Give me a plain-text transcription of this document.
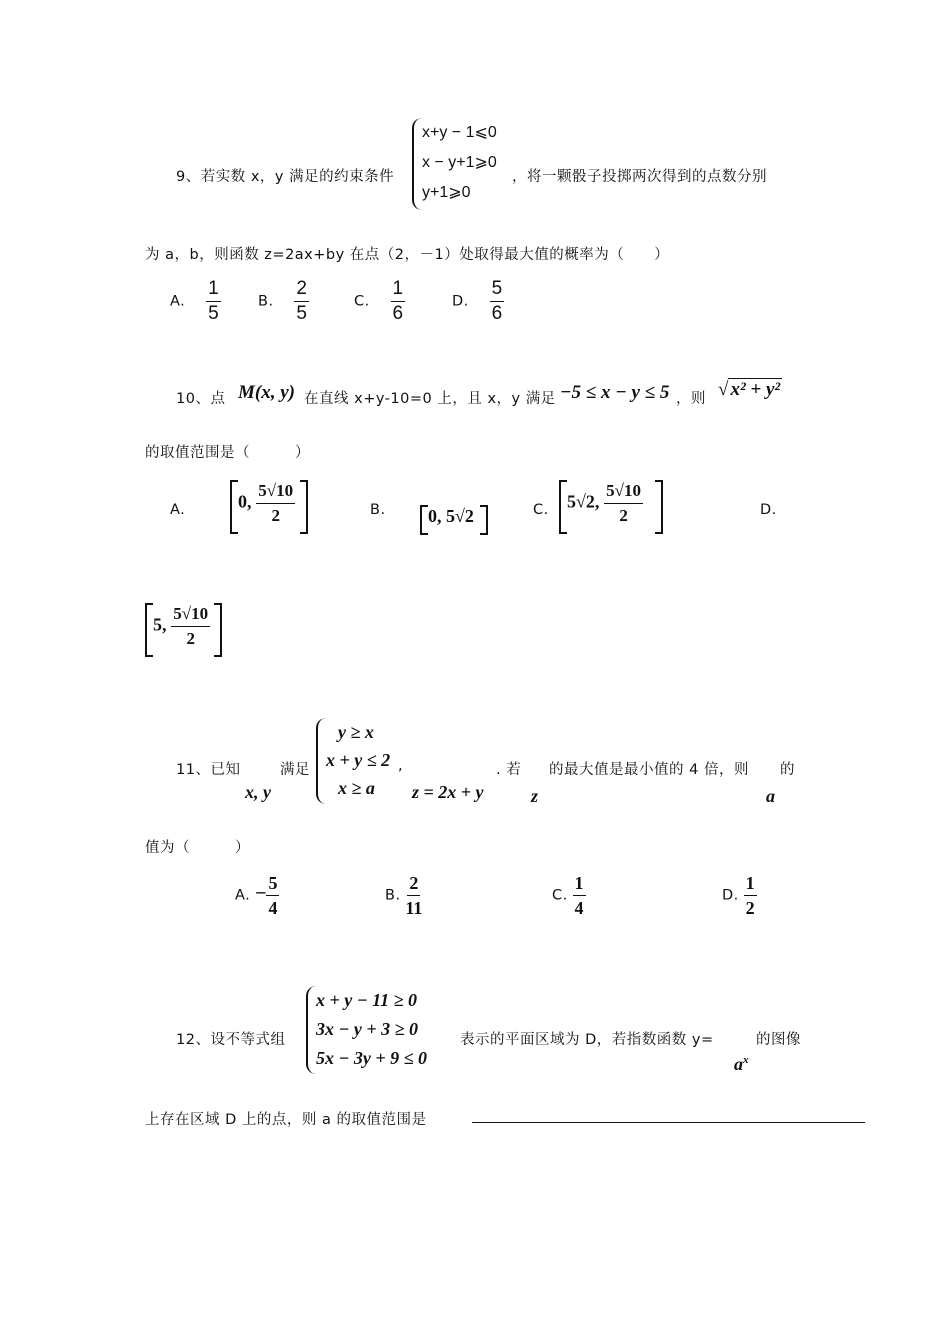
9、若实数 x，y 满足的约束条件
x+y − 1⩽0
x − y+1⩾0
y+1⩾0
，将一颗骰子投掷两次得到的点数分别
为 a，b，则函数 z=2ax+by 在点（2，－1）处取得最大值的概率为（　　）
A. $\frac{1}{5}$	B. $\frac{2}{5}$	C. $\frac{1}{6}$	D. $\frac{5}{6}$
10、点 M(x, y) 在直线 x+y-10=0 上，且 x，y 满足 −5 ≤ x − y ≤ 5 ，则 √ x² + y²
的取值范围是（　　　）
A.	0, $\frac{5√10}{2}$	B. 0, 5√2	C. 5√2, $\frac{5√10}{2}$	D.
5, $\frac{5√10}{2}$
11、已知
x, y
满足
y ≥ x
x + y ≤ 2
x ≥ a
,
z = 2x + y
. 若
z
的最大值是最小值的 4 倍，则
a
的
值为（　　　）
A. − $\frac{5}{4}$	B. $\frac{2}{11}$	C. $\frac{1}{4}$	D. $\frac{1}{2}$
12、设不等式组
x + y − 11 ≥ 0
3x − y + 3 ≥ 0
5x − 3y + 9 ≤ 0
表示的平面区域为 D，若指数函数 y=	的图像
$a^x$
上存在区域 D 上的点，则 a 的取值范围是
